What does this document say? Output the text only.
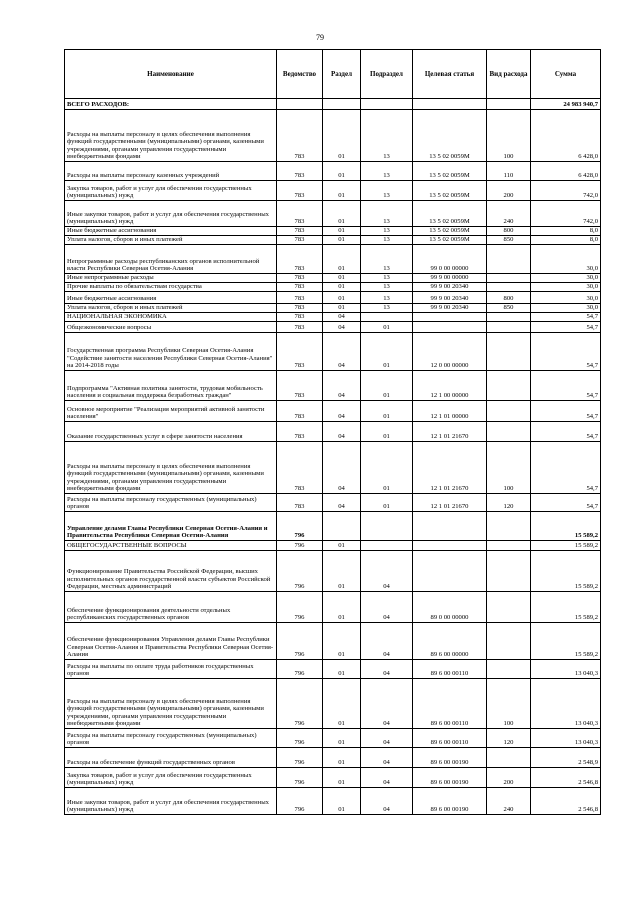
79
Наименование	Ведомство	Раздел	Подраздел	Целевая статья	Вид расхода	Сумма
ВСЕГО РАСХОДОВ:						24 983 940,7
Расходы на выплаты персоналу в целях обеспечения выполнения функций государственными (муниципальными) органами, казенными учреждениями, органами управления государственными внебюджетными фондами	783	01	13	13 5 02 0059М	100	6 428,0
Расходы на выплаты персоналу казенных учреждений	783	01	13	13 5 02 0059М	110	6 428,0
Закупка товаров, работ и услуг для обеспечения государственных (муниципальных) нужд	783	01	13	13 5 02 0059М	200	742,0
Иные закупки товаров, работ и услуг для обеспечения государственных (муниципальных) нужд	783	01	13	13 5 02 0059М	240	742,0
Иные бюджетные ассигнования	783	01	13	13 5 02 0059М	800	8,0
Уплата налогов, сборов и иных платежей	783	01	13	13 5 02 0059М	850	8,0
Непрограммные расходы республиканских органов исполнительной власти Республики Северная Осетия-Алания	783	01	13	99 0 00 00000		30,0
Иные непрограммные расходы	783	01	13	99 9 00 00000		30,0
Прочие выплаты по обязательствам государства	783	01	13	99 9 00 20340		30,0
Иные бюджетные ассигнования	783	01	13	99 9 00 20340	800	30,0
Уплата налогов, сборов и иных платежей	783	01	13	99 9 00 20340	850	30,0
НАЦИОНАЛЬНАЯ ЭКОНОМИКА	783	04				54,7
Общеэкономические вопросы	783	04	01			54,7
Государственная программа Республики Северная Осетия-Алания "Содействие занятости населения Республики Северная Осетия-Алания" на 2014-2018 годы	783	04	01	12 0 00 00000		54,7
Подпрограмма "Активная политика занятости, трудовая мобильность населения и социальная поддержка безработных граждан"	783	04	01	12 1 00 00000		54,7
Основное мероприятие "Реализация мероприятий активной занятости населения"	783	04	01	12 1 01 00000		54,7
Оказание государственных услуг в сфере занятости населения	783	04	01	12 1 01 21670		54,7
Расходы на выплаты персоналу в целях обеспечения выполнения функций государственными (муниципальными) органами, казенными учреждениями, органами управления государственными внебюджетными фондами	783	04	01	12 1 01 21670	100	54,7
Расходы на выплаты персоналу государственных (муниципальных) органов	783	04	01	12 1 01 21670	120	54,7
Управление делами Главы Республики Северная Осетия-Алания и Правительства Республики Северная Осетия-Алания	796					15 589,2
ОБЩЕГОСУДАРСТВЕННЫЕ ВОПРОСЫ	796	01				15 589,2
Функционирование Правительства Российской Федерации, высших исполнительных органов государственной власти субъектов Российской Федерации, местных администраций	796	01	04			15 589,2
Обеспечение функционирования деятельности отдельных республиканских государственных органов	796	01	04	89 0 00 00000		15 589,2
Обеспечение функционирования Управления делами Главы Республики Северная Осетия-Алания и Правительства Республики Северная Осетия-Алания	796	01	04	89 6 00 00000		15 589,2
Расходы на выплаты по оплате труда работников государственных органов	796	01	04	89 6 00 00110		13 040,3
Расходы на выплаты персоналу в целях обеспечения выполнения функций государственными (муниципальными) органами, казенными учреждениями, органами управления государственными внебюджетными фондами	796	01	04	89 6 00 00110	100	13 040,3
Расходы на выплаты персоналу государственных (муниципальных) органов	796	01	04	89 6 00 00110	120	13 040,3
Расходы на обеспечение функций государственных органов	796	01	04	89 6 00 00190		2 548,9
Закупка товаров, работ и услуг для обеспечения государственных (муниципальных) нужд	796	01	04	89 6 00 00190	200	2 546,8
Иные закупки товаров, работ и услуг для обеспечения государственных (муниципальных) нужд	796	01	04	89 6 00 00190	240	2 546,8
